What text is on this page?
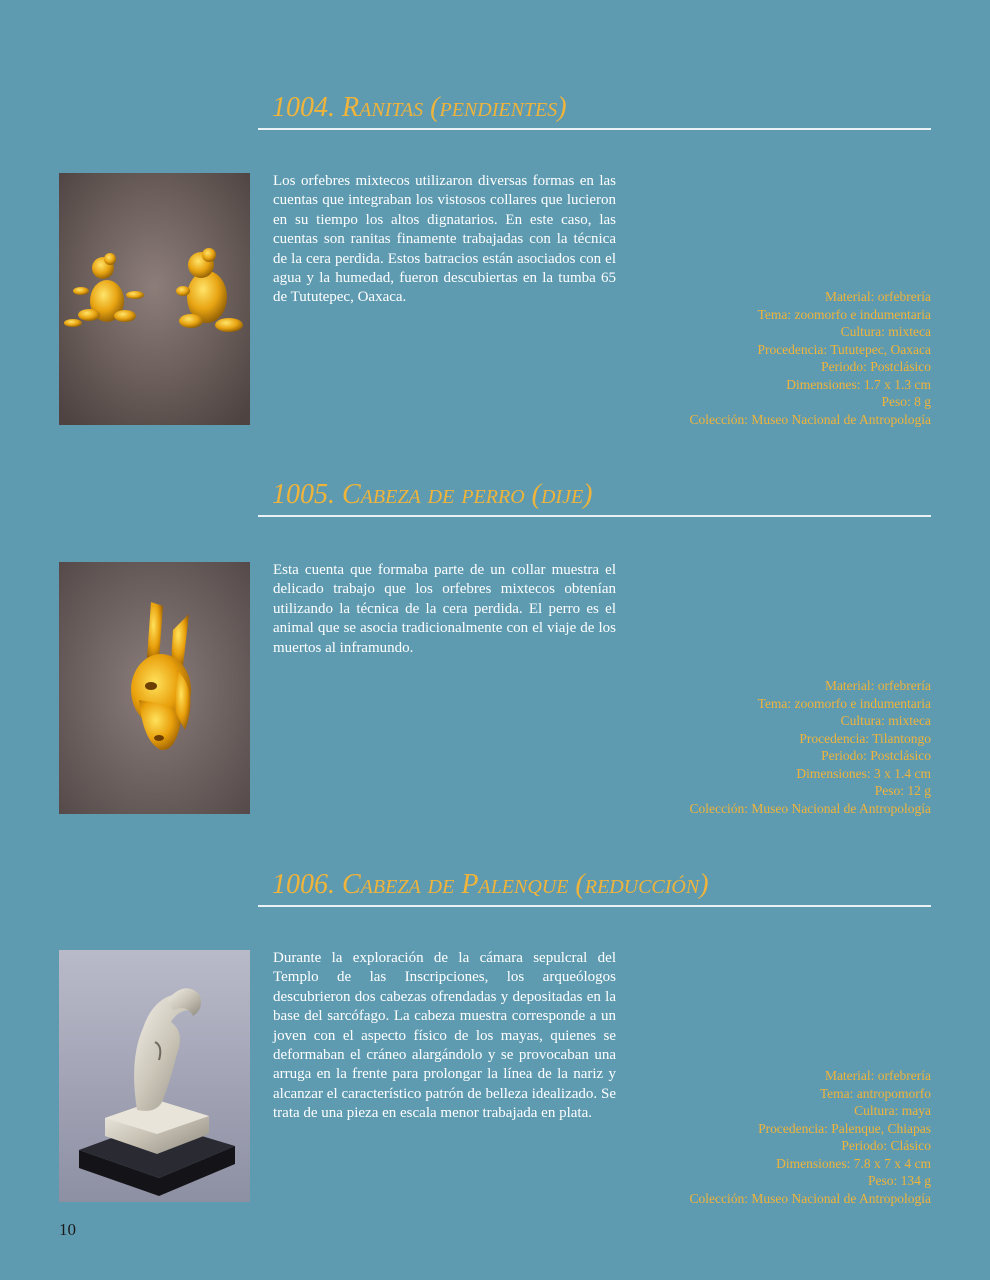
1004. Ranitas (pendientes)

Los orfebres mixtecos utilizaron diversas formas en las cuentas que integraban los vistosos collares que lucieron en su tiempo los altos dignatarios. En este caso, las cuentas son ranitas finamente trabajadas con la técnica de la cera perdida. Estos batracios están asociados con el agua y la humedad, fueron descubiertas en la tumba 65 de Tututepec, Oaxaca.	Material: orfebrería
Tema: zoomorfo e indumentaria
Cultura: mixteca
Procedencia: Tututepec, Oaxaca
Periodo: Postclásico
Dimensiones: 1.7 x 1.3 cm
Peso: 8 g
Colección: Museo Nacional de Antropología
1005. Cabeza de perro (dije)

Esta cuenta que formaba parte de un collar muestra el delicado trabajo que los orfebres mixtecos obtenían utilizando la técnica de la cera perdida. El perro es el animal que se asocia tradicionalmente con el viaje de los muertos al inframundo.

Material: orfebrería
Tema: zoomorfo e indumentaria
Cultura: mixteca
Procedencia: Tilantongo
Periodo: Postclásico
Dimensiones: 3 x 1.4 cm
Peso: 12 g
Colección: Museo Nacional de Antropología
1006. Cabeza de Palenque (reducción)

Durante la exploración de la cámara sepulcral del Templo de las Inscripciones, los arqueólogos descubrieron dos cabezas ofrendadas y depositadas en la base del sarcófago. La cabeza muestra corresponde a un joven con el aspecto físico de los mayas, quienes se deformaban el cráneo alargándolo y se provocaban una arruga en la frente para prolongar la línea de la nariz y alcanzar el característico patrón de belleza idealizado. Se trata de una pieza en escala menor trabajada en plata.

Material: orfebrería
Tema: antropomorfo
Cultura: maya
Procedencia: Palenque, Chiapas
Periodo: Clásico
Dimensiones: 7.8 x 7 x 4 cm
Peso: 134 g
Colección: Museo Nacional de Antropología
10
